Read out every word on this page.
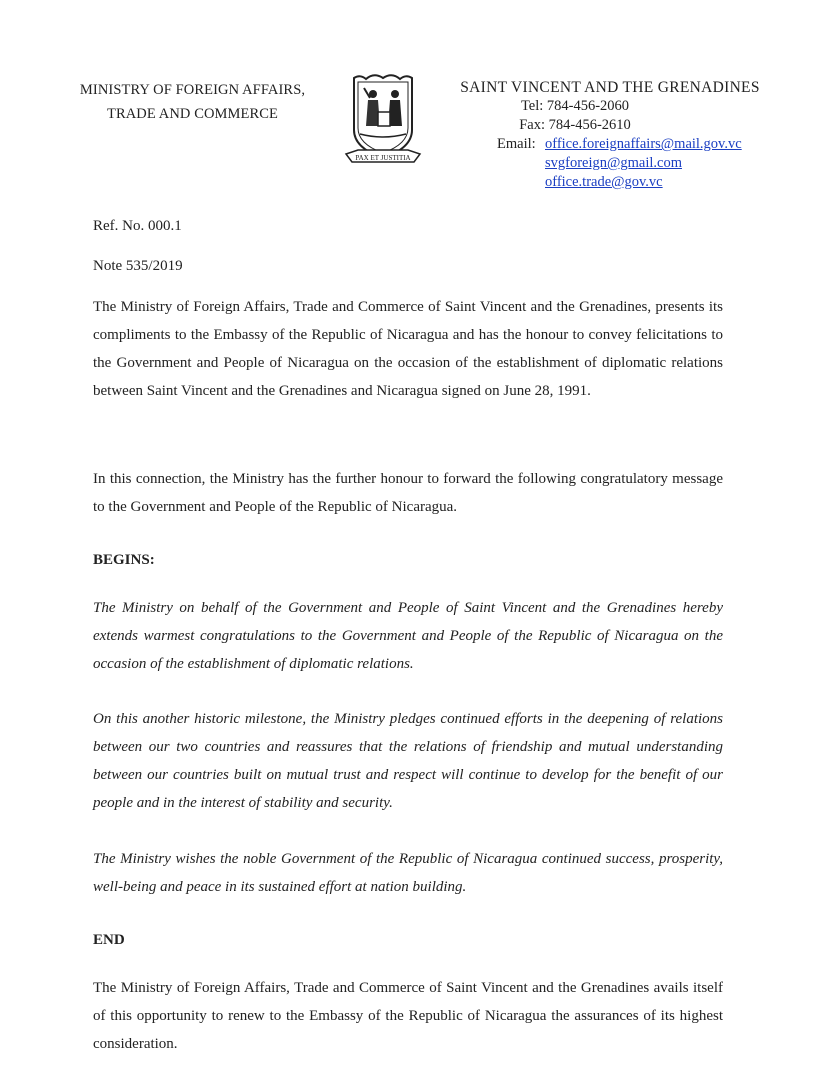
MINISTRY OF FOREIGN AFFAIRS,
TRADE AND COMMERCE
PAX ET JUSTITIA
SAINT VINCENT AND THE GRENADINES
Tel: 784-456-2060
Fax: 784-456-2610
Email: office.foreignaffairs@mail.gov.vc
svgforeign@gmail.com
office.trade@gov.vc
Ref. No. 000.1
Note 535/2019
The Ministry of Foreign Affairs, Trade and Commerce of Saint Vincent and the Grenadines, presents its compliments to the Embassy of the Republic of Nicaragua and has the honour to convey felicitations to the Government and People of Nicaragua on the occasion of the establishment of diplomatic relations between Saint Vincent and the Grenadines and Nicaragua signed on June 28, 1991.
In this connection, the Ministry has the further honour to forward the following congratulatory message to the Government and People of the Republic of Nicaragua.
BEGINS:
The Ministry on behalf of the Government and People of Saint Vincent and the Grenadines hereby extends warmest congratulations to the Government and People of the Republic of Nicaragua on the occasion of the establishment of diplomatic relations.
On this another historic milestone, the Ministry pledges continued efforts in the deepening of relations between our two countries and reassures that the relations of friendship and mutual understanding between our countries built on mutual trust and respect will continue to develop for the benefit of our people and in the interest of stability and security.
The Ministry wishes the noble Government of the Republic of Nicaragua continued success, prosperity, well-being and peace in its sustained effort at nation building.
END
The Ministry of Foreign Affairs, Trade and Commerce of Saint Vincent and the Grenadines avails itself of this opportunity to renew to the Embassy of the Republic of Nicaragua the assurances of its highest consideration.
